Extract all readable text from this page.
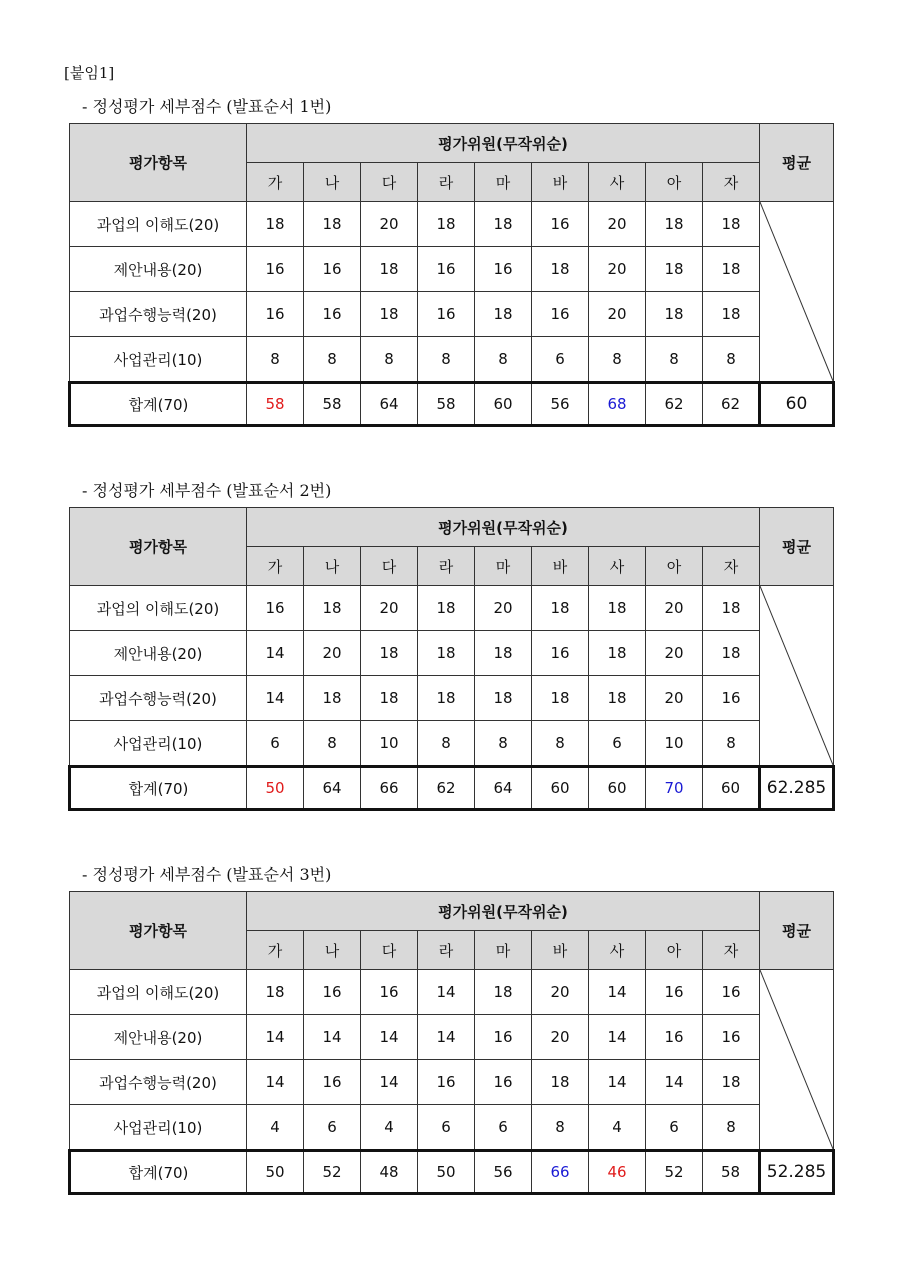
[붙임1]
- 정성평가 세부점수 (발표순서 1번)
평가항목	평가위원(무작위순)									평균
	가	나	다	라	마	바	사	아	자	
과업의 이해도(20)	18	18	20	18	18	16	20	18	18	

제안내용(20)	16	16	18	16	16	18	20	18	18	
과업수행능력(20)	16	16	18	16	18	16	20	18	18	
사업관리(10)	8	8	8	8	8	6	8	8	8	
합계(70)	58	58	64	58	60	56	68	62	62	60
- 정성평가 세부점수 (발표순서 2번)
평가항목	평가위원(무작위순)									평균
	가	나	다	라	마	바	사	아	자	
과업의 이해도(20)	16	18	20	18	20	18	18	20	18	

제안내용(20)	14	20	18	18	18	16	18	20	18	
과업수행능력(20)	14	18	18	18	18	18	18	20	16	
사업관리(10)	6	8	10	8	8	8	6	10	8	
합계(70)	50	64	66	62	64	60	60	70	60	62.285
- 정성평가 세부점수 (발표순서 3번)
평가항목	평가위원(무작위순)									평균
	가	나	다	라	마	바	사	아	자	
과업의 이해도(20)	18	16	16	14	18	20	14	16	16	

제안내용(20)	14	14	14	14	16	20	14	16	16	
과업수행능력(20)	14	16	14	16	16	18	14	14	18	
사업관리(10)	4	6	4	6	6	8	4	6	8	
합계(70)	50	52	48	50	56	66	46	52	58	52.285
